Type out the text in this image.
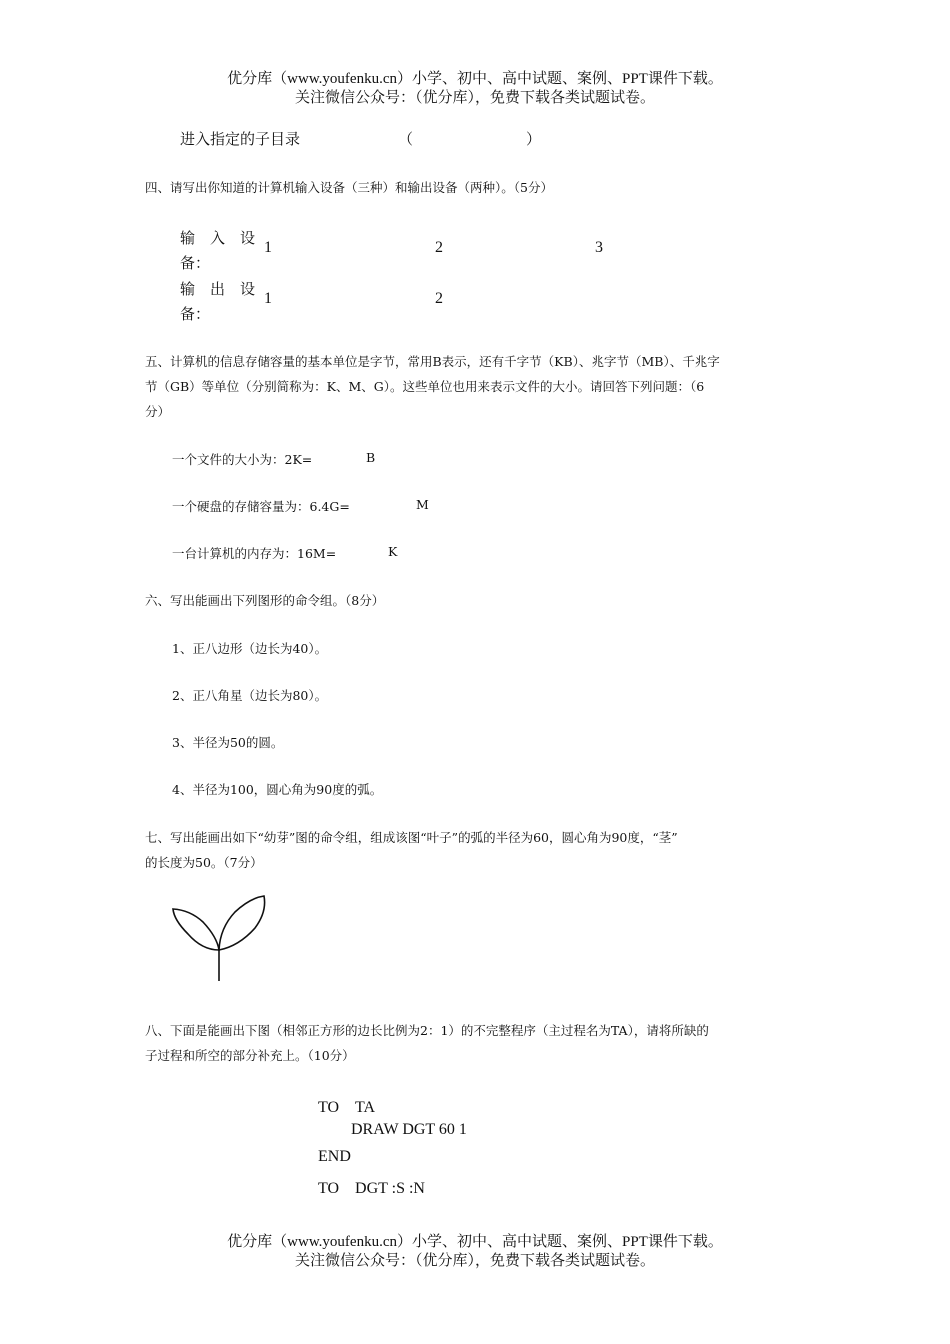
优分库（www.youfenku.cn）小学、初中、高中试题、案例、PPT课件下载。
关注微信公众号：（优分库），免费下载各类试题试卷。
进入指定的子目录	（	）
四、请写出你知道的计算机输入设备（三种）和输出设备（两种）。（5分）
输　入　设
备：
1	2	3
输　出　设
备：
1	2
五、计算机的信息存储容量的基本单位是字节，常用B表示，还有千字节（KB）、兆字节（MB）、千兆字
节（GB）等单位（分别简称为：K、M、G）。这些单位也用来表示文件的大小。请回答下列问题：（6
分）
一个文件的大小为：2K=	B
一个硬盘的存储容量为：6.4G=	M
一台计算机的内存为：16M=	K
六、写出能画出下列图形的命令组。（8分）
1、正八边形（边长为40）。
2、正八角星（边长为80）。
3、半径为50的圆。
4、半径为100，圆心角为90度的弧。
七、写出能画出如下“幼芽”图的命令组，组成该图“叶子”的弧的半径为60，圆心角为90度，“茎”
的长度为50。（7分）
八、下面是能画出下图（相邻正方形的边长比例为2：1）的不完整程序（主过程名为TA），请将所缺的
子过程和所空的部分补充上。（10分）
TO　TA
DRAW DGT 60 1
END
TO　DGT :S :N
优分库（www.youfenku.cn）小学、初中、高中试题、案例、PPT课件下载。
关注微信公众号：（优分库），免费下载各类试题试卷。
